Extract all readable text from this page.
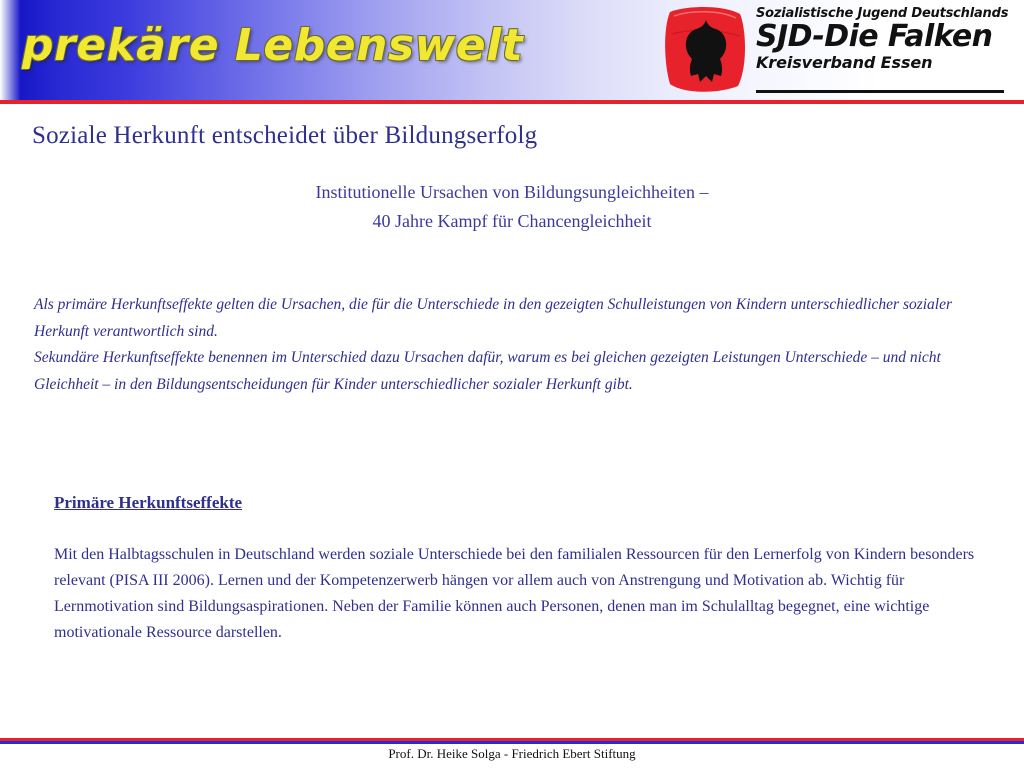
prekäre Lebenswelt
Sozialistische Jugend Deutschlands
SJD-Die Falken
Kreisverband Essen
Soziale Herkunft entscheidet über Bildungserfolg
Institutionelle Ursachen von Bildungsungleichheiten –
40 Jahre Kampf für Chancengleichheit
Als primäre Herkunftseffekte gelten die Ursachen, die für die Unterschiede in den gezeigten Schulleistungen von Kindern unterschiedlicher sozialer Herkunft verantwortlich sind.
Sekundäre Herkunftseffekte benennen im Unterschied dazu Ursachen dafür, warum es bei gleichen gezeigten Leistungen Unterschiede – und nicht Gleichheit – in den Bildungsentscheidungen für Kinder unterschiedlicher sozialer Herkunft gibt.
Primäre Herkunftseffekte
Mit den Halbtagsschulen in Deutschland werden soziale Unterschiede bei den familialen Ressourcen für den Lernerfolg von Kindern besonders relevant (PISA III 2006). Lernen und der Kompetenzerwerb hängen vor allem auch von Anstrengung und Motivation ab. Wichtig für Lernmotivation sind Bildungsaspirationen. Neben der Familie können auch Personen, denen man im Schulalltag begegnet, eine wichtige motivationale Ressource darstellen.
Prof. Dr. Heike Solga - Friedrich Ebert Stiftung
